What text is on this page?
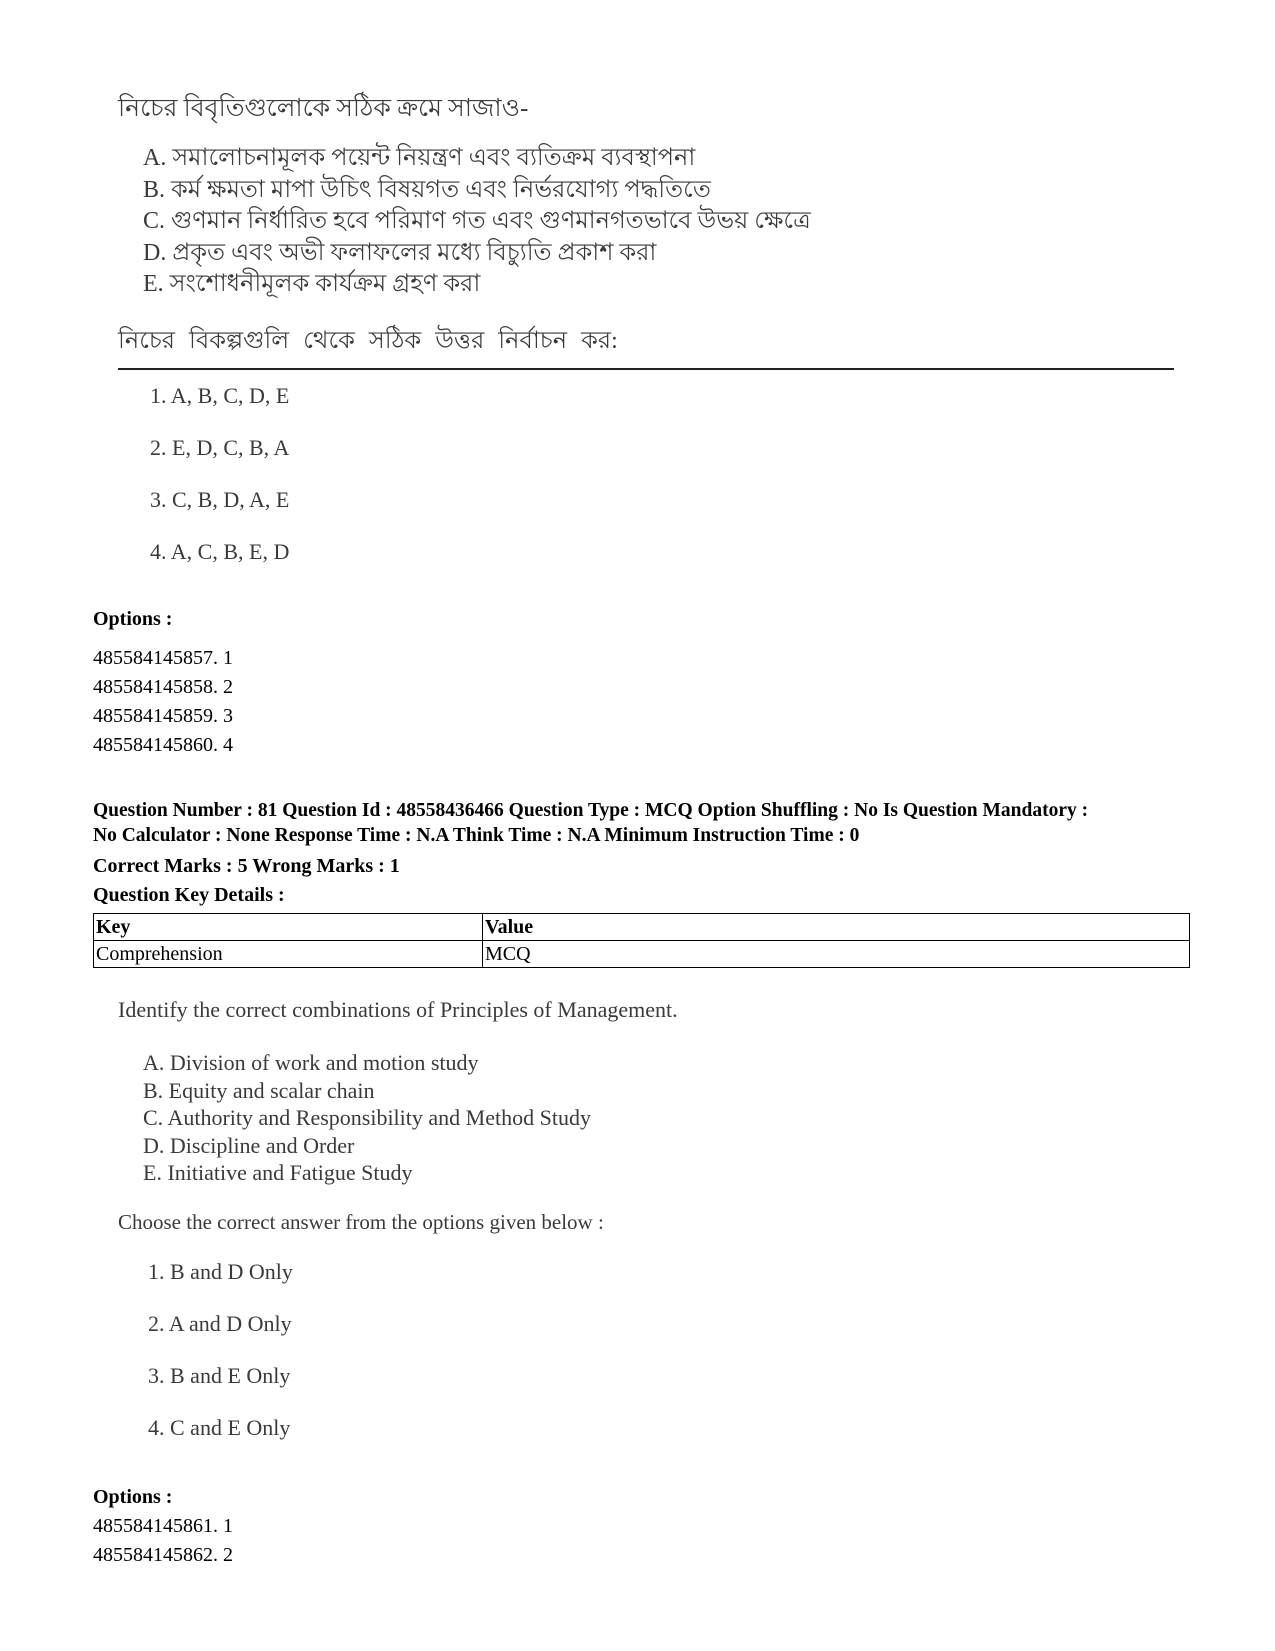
নিচের বিবৃতিগুলোকে সঠিক ক্রমে সাজাও-
A. সমালোচনামূলক পয়েন্ট নিয়ন্ত্রণ এবং ব্যতিক্রম ব্যবস্থাপনা
B. কর্ম ক্ষমতা মাপা উচিৎ বিষয়গত এবং নির্ভরযোগ্য পদ্ধতিতে
C. গুণমান নির্ধারিত হবে পরিমাণ গত এবং গুণমানগতভাবে উভয় ক্ষেত্রে
D. প্রকৃত এবং অভী ফলাফলের মধ্যে বিচ্যুতি প্রকাশ করা
E. সংশোধনীমূলক কার্যক্রম গ্রহণ করা
নিচের বিকল্পগুলি থেকে সঠিক উত্তর নির্বাচন কর:
1. A, B, C, D, E
2. E, D, C, B, A
3. C, B, D, A, E
4. A, C, B, E, D
Options :
485584145857. 1
485584145858. 2
485584145859. 3
485584145860. 4
Question Number : 81 Question Id : 48558436466 Question Type : MCQ Option Shuffling : No Is Question Mandatory :
No Calculator : None Response Time : N.A Think Time : N.A Minimum Instruction Time : 0
Correct Marks : 5 Wrong Marks : 1
Question Key Details :
Key	Value
Comprehension	MCQ
Identify the correct combinations of Principles of Management.
A. Division of work and motion study
B. Equity and scalar chain
C. Authority and Responsibility and Method Study
D. Discipline and Order
E. Initiative and Fatigue Study
Choose the correct answer from the options given below :
1. B and D Only
2. A and D Only
3. B and E Only
4. C and E Only
Options :
485584145861. 1
485584145862. 2
